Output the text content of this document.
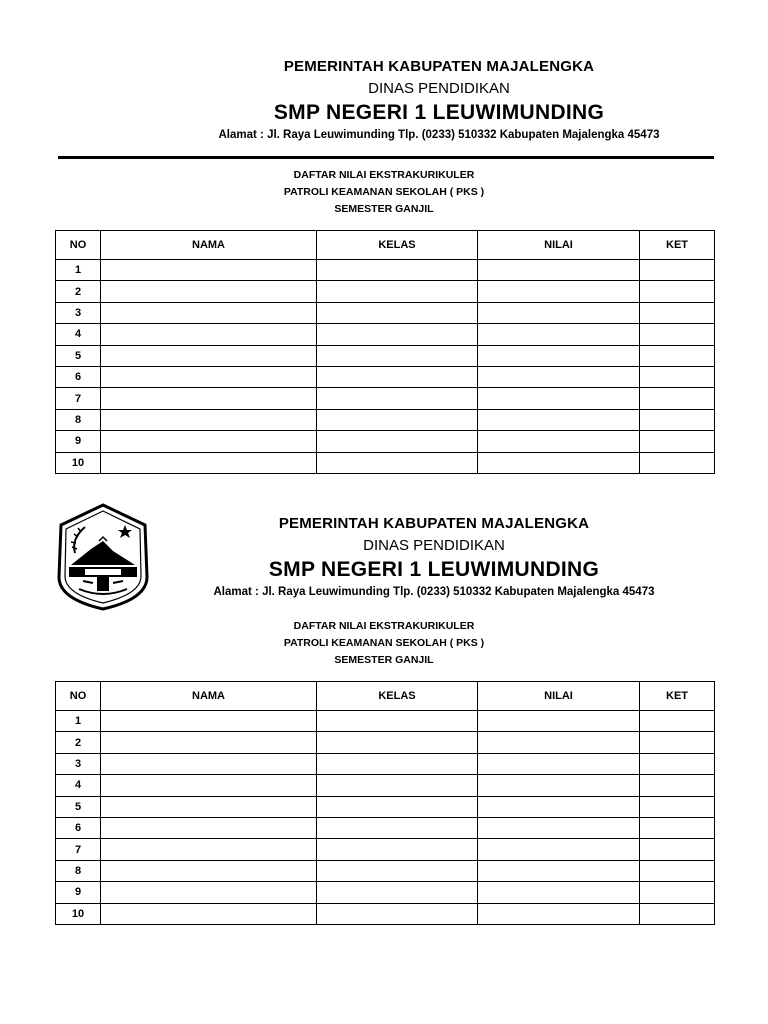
PEMERINTAH KABUPATEN MAJALENGKA
DINAS PENDIDIKAN
SMP NEGERI 1 LEUWIMUNDING
Alamat : Jl. Raya Leuwimunding Tlp. (0233) 510332 Kabupaten Majalengka 45473
DAFTAR NILAI EKSTRAKURIKULER
PATROLI KEAMANAN SEKOLAH ( PKS )
SEMESTER GANJIL
NO	NAMA	KELAS	NILAI	KET
1				
2				
3				
4				
5				
6				
7				
8				
9				
10				
PEMERINTAH KABUPATEN MAJALENGKA
DINAS PENDIDIKAN
SMP NEGERI 1 LEUWIMUNDING
Alamat : Jl. Raya Leuwimunding Tlp. (0233) 510332 Kabupaten Majalengka 45473
DAFTAR NILAI EKSTRAKURIKULER
PATROLI KEAMANAN SEKOLAH ( PKS )
SEMESTER GANJIL
NO	NAMA	KELAS	NILAI	KET
1				
2				
3				
4				
5				
6				
7				
8				
9				
10				
